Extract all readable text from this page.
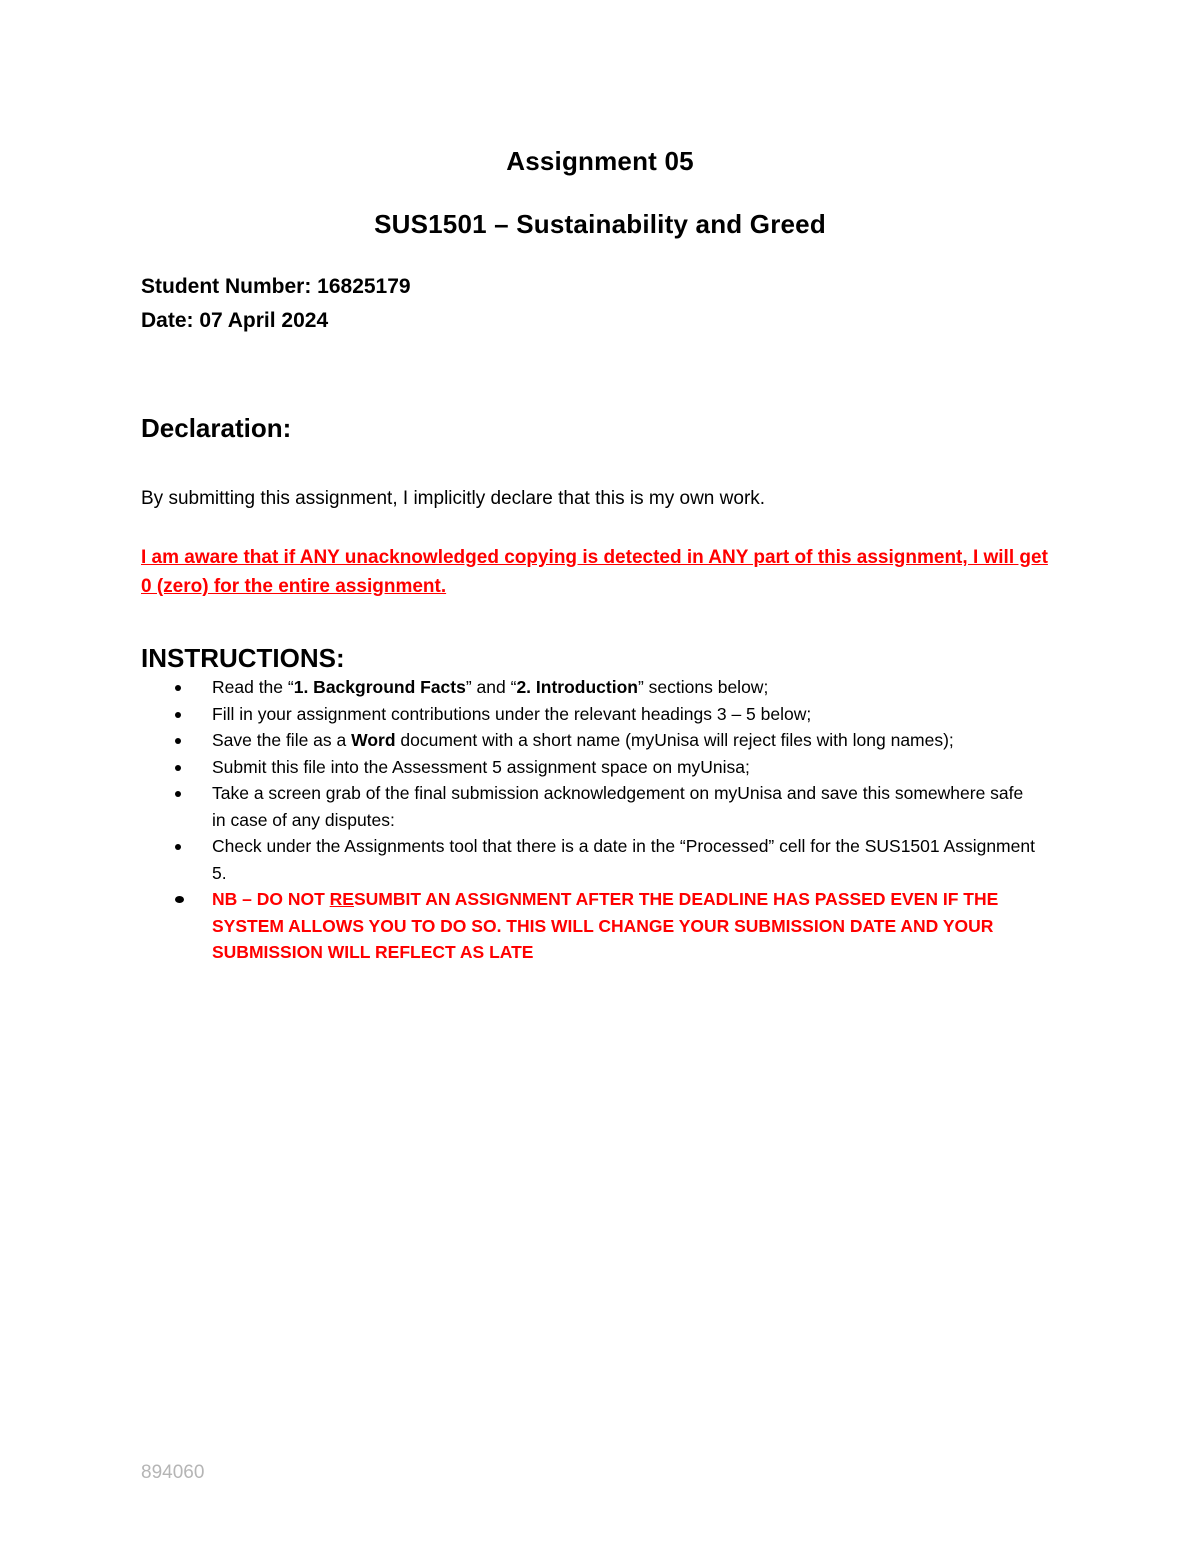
Assignment 05
SUS1501 – Sustainability and Greed
Student Number: 16825179
Date: 07 April 2024
Declaration:
By submitting this assignment, I implicitly declare that this is my own work.
I am aware that if ANY unacknowledged copying is detected in ANY part of this assignment, I will get 0 (zero) for the entire assignment.
INSTRUCTIONS:
Read the “1. Background Facts” and “2. Introduction” sections below;
Fill in your assignment contributions under the relevant headings 3 – 5 below;
Save the file as a Word document with a short name (myUnisa will reject files with long names);
Submit this file into the Assessment 5 assignment space on myUnisa;
Take a screen grab of the final submission acknowledgement on myUnisa and save this somewhere safe in case of any disputes:
Check under the Assignments tool that there is a date in the “Processed” cell for the SUS1501 Assignment 5.
NB – DO NOT RESUMBIT AN ASSIGNMENT AFTER THE DEADLINE HAS PASSED EVEN IF THE SYSTEM ALLOWS YOU TO DO SO. THIS WILL CHANGE YOUR SUBMISSION DATE AND YOUR SUBMISSION WILL REFLECT AS LATE
894060
